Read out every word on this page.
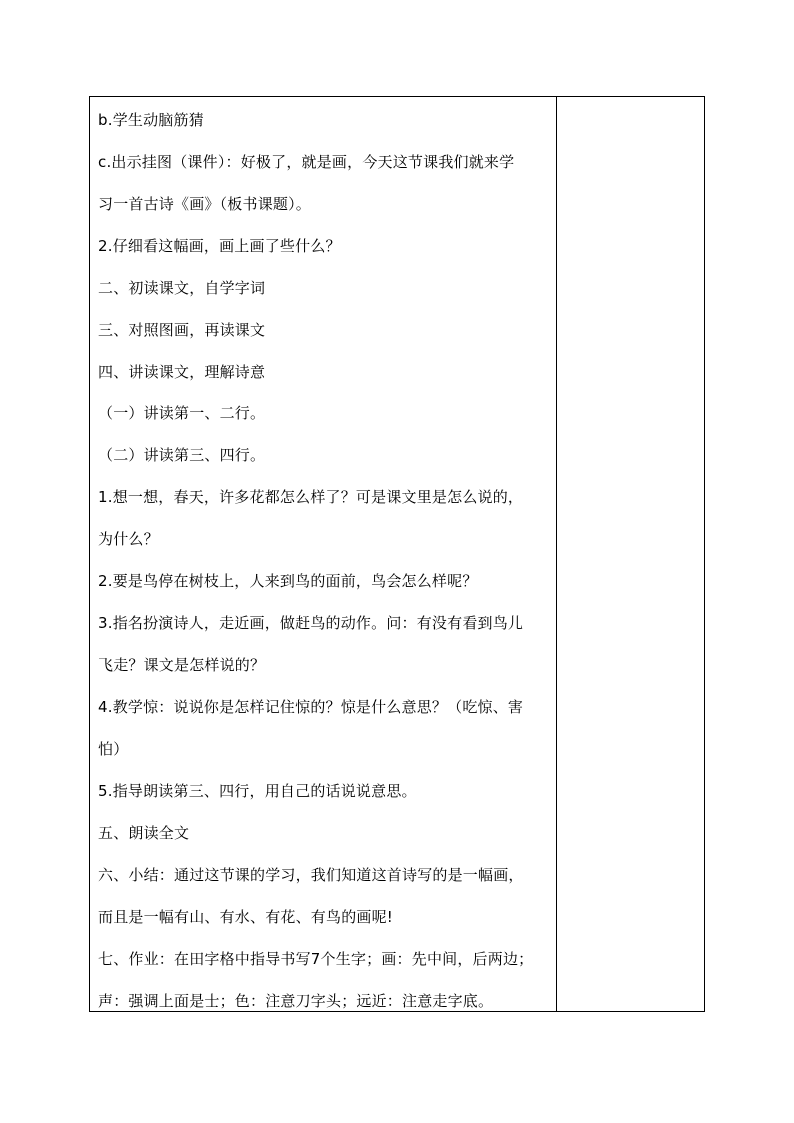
b.学生动脑筋猜
c.出示挂图（课件）：好极了，就是画，今天这节课我们就来学
习一首古诗《画》（板书课题）。
2.仔细看这幅画，画上画了些什么？
二、初读课文，自学字词
三、对照图画，再读课文
四、讲读课文，理解诗意
（一）讲读第一、二行。
（二）讲读第三、四行。
1.想一想，春天，许多花都怎么样了？可是课文里是怎么说的，
为什么？
2.要是鸟停在树枝上，人来到鸟的面前，鸟会怎么样呢？
3.指名扮演诗人，走近画，做赶鸟的动作。问：有没有看到鸟儿
飞走？课文是怎样说的？
4.教学惊：说说你是怎样记住惊的？惊是什么意思？（吃惊、害
怕）
5.指导朗读第三、四行，用自己的话说说意思。
五、朗读全文
六、小结：通过这节课的学习，我们知道这首诗写的是一幅画，
而且是一幅有山、有水、有花、有鸟的画呢!
七、作业：在田字格中指导书写7个生字；画：先中间，后两边；
声：强调上面是士；色：注意刀字头；远近：注意走字底。
